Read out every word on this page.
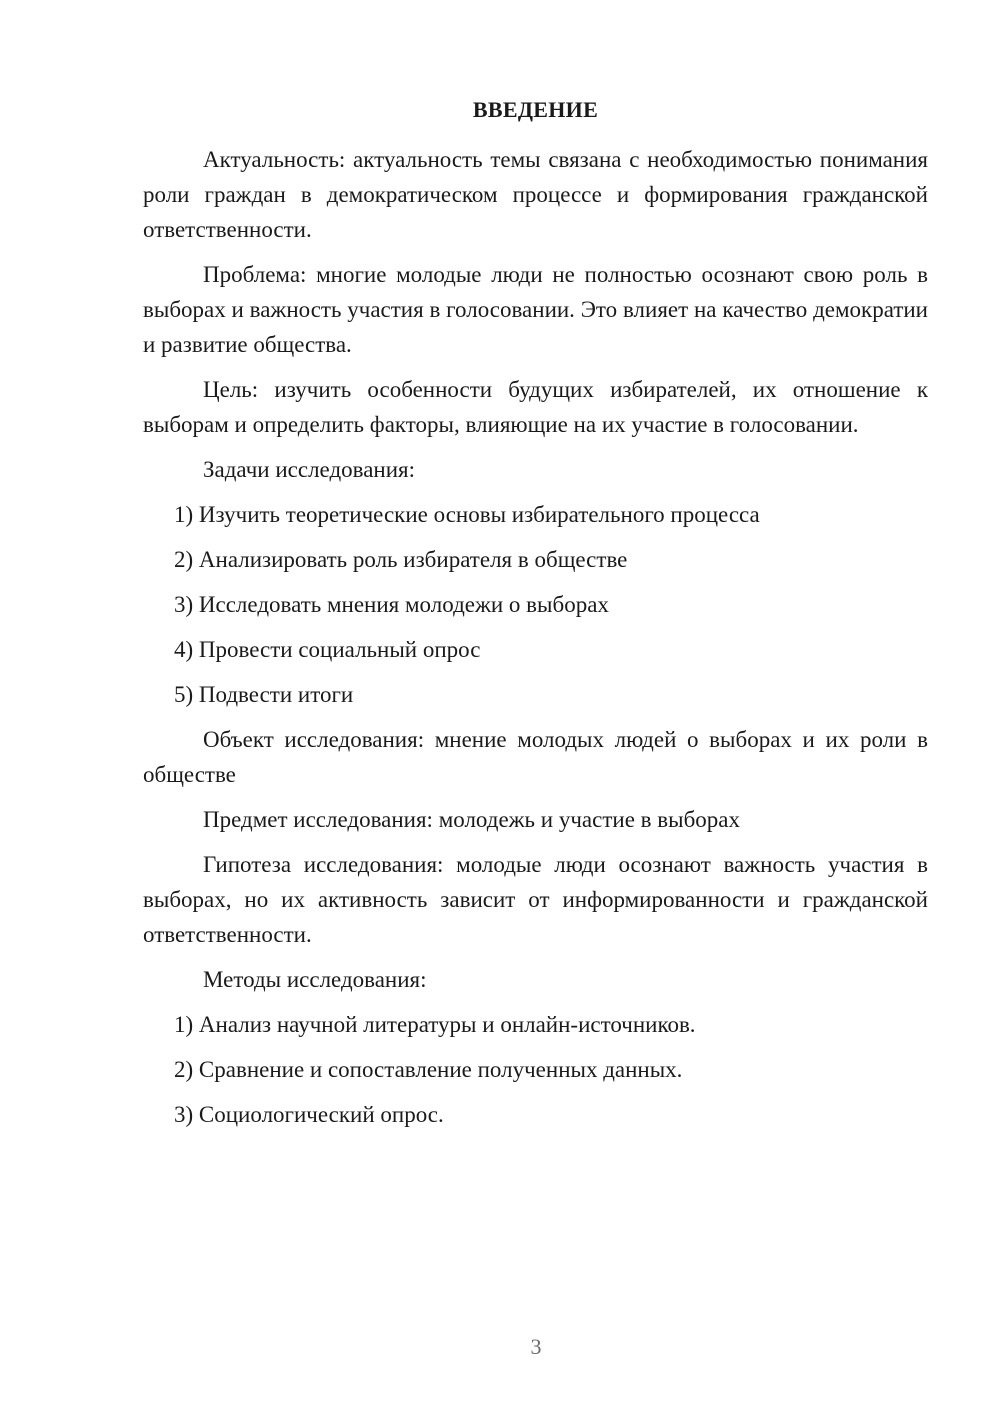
ВВЕДЕНИЕ

Актуальность: актуальность темы связана с необходимостью понимания роли граждан в демократическом процессе и формирования гражданской ответственности.

Проблема: многие молодые люди не полностью осознают свою роль в выборах и важность участия в голосовании. Это влияет на качество демократии и развитие общества.

Цель: изучить особенности будущих избирателей, их отношение к выборам и определить факторы, влияющие на их участие в голосовании.

Задачи исследования:

1) Изучить теоретические основы избирательного процесса

2) Анализировать роль избирателя в обществе

3) Исследовать мнения молодежи о выборах

4) Провести социальный опрос

5) Подвести итоги

Объект исследования: мнение молодых людей о выборах и их роли в обществе

Предмет исследования: молодежь и участие в выборах

Гипотеза исследования: молодые люди осознают важность участия в выборах, но их активность зависит от информированности и гражданской ответственности.

Методы исследования:

1) Анализ научной литературы и онлайн-источников.

2) Сравнение и сопоставление полученных данных.

3) Социологический опрос.

3
